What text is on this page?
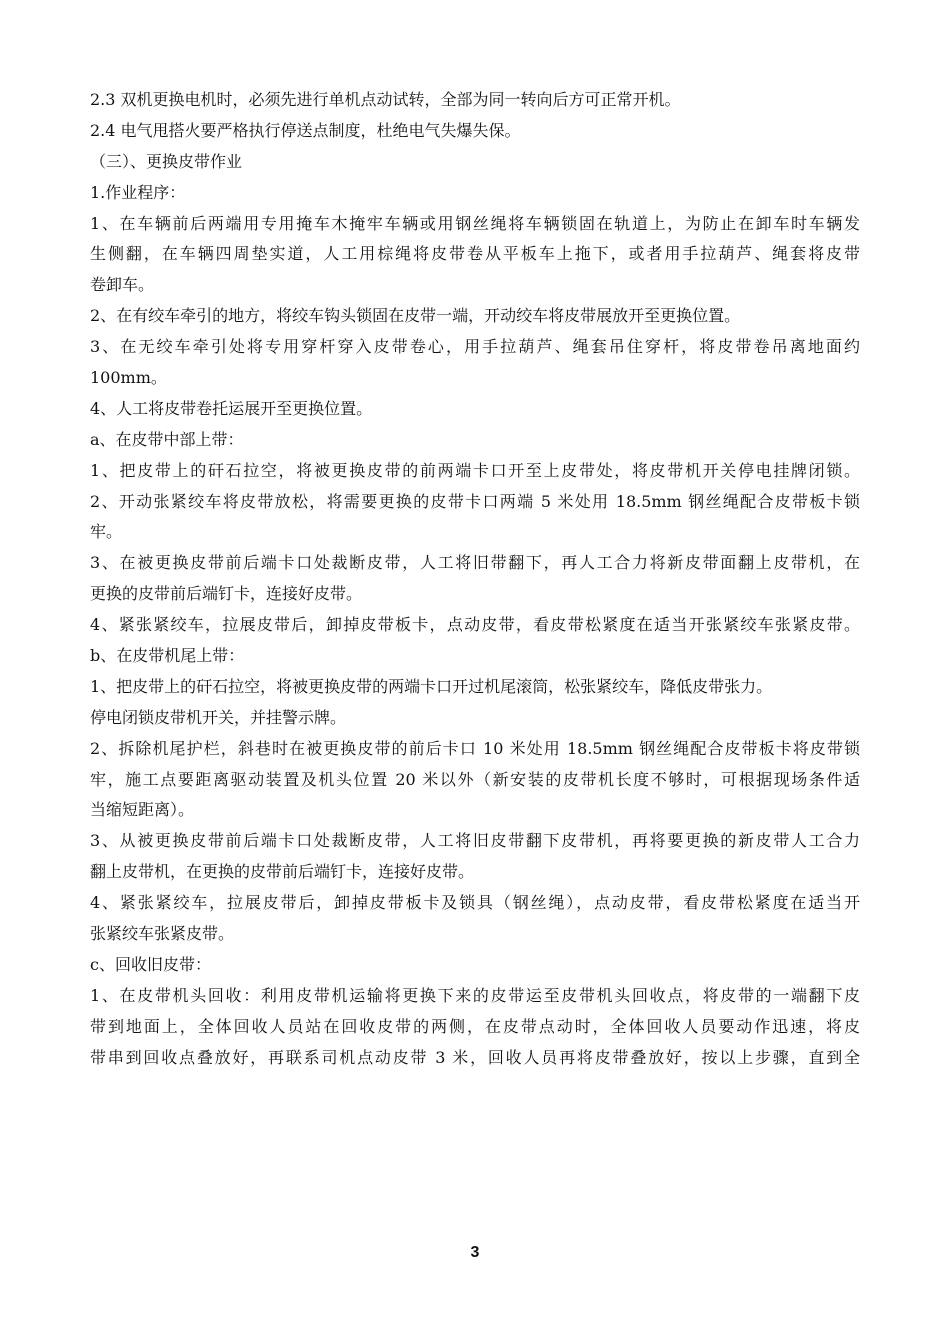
2.3 双机更换电机时，必须先进行单机点动试转，全部为同一转向后方可正常开机。
2.4 电气甩搭火要严格执行停送点制度，杜绝电气失爆失保。
（三）、更换皮带作业
1.作业程序：
1、在车辆前后两端用专用掩车木掩牢车辆或用钢丝绳将车辆锁固在轨道上，为防止在卸车时车辆发
生侧翻，在车辆四周垫实道，人工用棕绳将皮带卷从平板车上拖下，或者用手拉葫芦、绳套将皮带
卷卸车。
2、在有绞车牵引的地方，将绞车钩头锁固在皮带一端，开动绞车将皮带展放开至更换位置。
3、在无绞车牵引处将专用穿杆穿入皮带卷心，用手拉葫芦、绳套吊住穿杆，将皮带卷吊离地面约
100mm。
4、人工将皮带卷托运展开至更换位置。
a、在皮带中部上带：
1、把皮带上的矸石拉空，将被更换皮带的前两端卡口开至上皮带处，将皮带机开关停电挂牌闭锁。
2、开动张紧绞车将皮带放松，将需要更换的皮带卡口两端 5 米处用 18.5mm 钢丝绳配合皮带板卡锁
牢。
3、在被更换皮带前后端卡口处裁断皮带，人工将旧带翻下，再人工合力将新皮带面翻上皮带机，在
更换的皮带前后端钉卡，连接好皮带。
4、紧张紧绞车，拉展皮带后，卸掉皮带板卡，点动皮带，看皮带松紧度在适当开张紧绞车张紧皮带。
b、在皮带机尾上带：
1、把皮带上的矸石拉空，将被更换皮带的两端卡口开过机尾滚筒，松张紧绞车，降低皮带张力。
停电闭锁皮带机开关，并挂警示牌。
2、拆除机尾护栏，斜巷时在被更换皮带的前后卡口 10 米处用 18.5mm 钢丝绳配合皮带板卡将皮带锁
牢，施工点要距离驱动装置及机头位置 20 米以外（新安装的皮带机长度不够时，可根据现场条件适
当缩短距离）。
3、从被更换皮带前后端卡口处裁断皮带，人工将旧皮带翻下皮带机，再将要更换的新皮带人工合力
翻上皮带机，在更换的皮带前后端钉卡，连接好皮带。
4、紧张紧绞车，拉展皮带后，卸掉皮带板卡及锁具（钢丝绳），点动皮带，看皮带松紧度在适当开
张紧绞车张紧皮带。
c、回收旧皮带：
1、在皮带机头回收：利用皮带机运输将更换下来的皮带运至皮带机头回收点，将皮带的一端翻下皮
带到地面上，全体回收人员站在回收皮带的两侧，在皮带点动时，全体回收人员要动作迅速，将皮
带串到回收点叠放好，再联系司机点动皮带 3 米，回收人员再将皮带叠放好，按以上步骤，直到全
3
